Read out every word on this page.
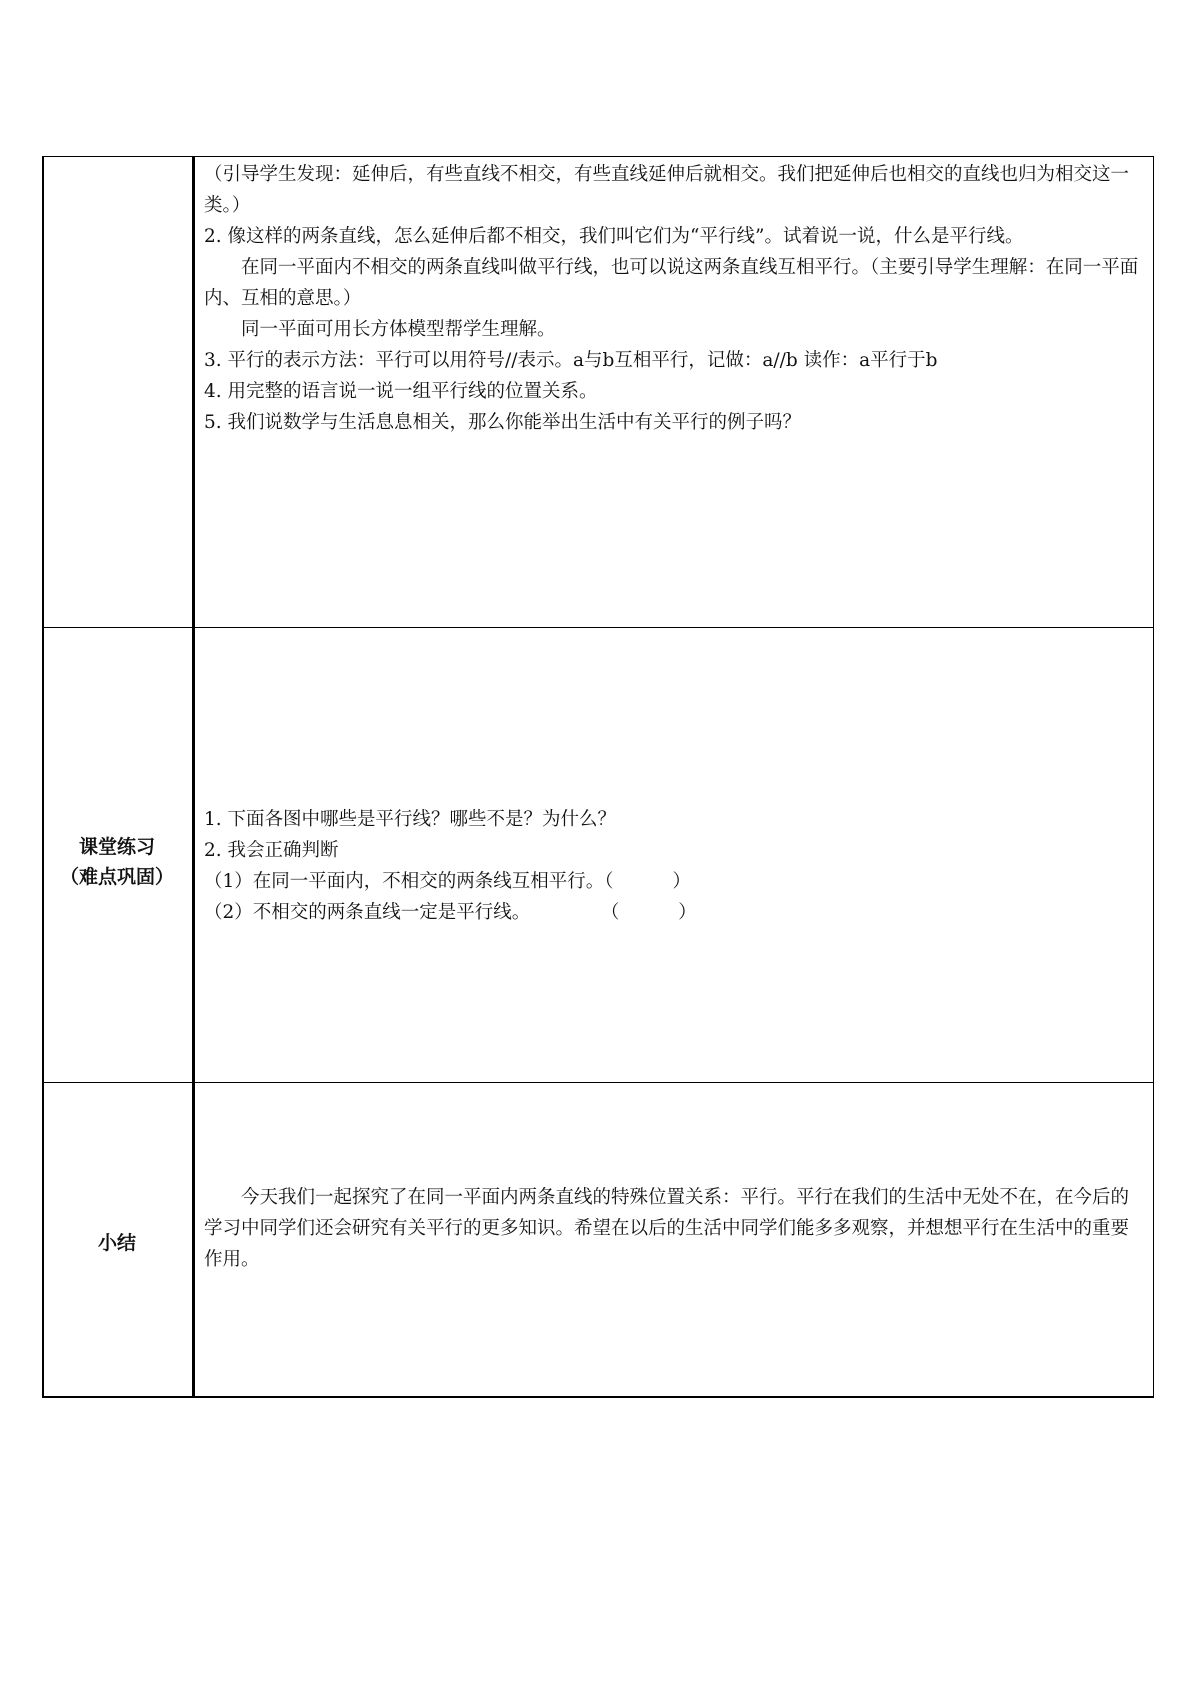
（引导学生发现：延伸后，有些直线不相交，有些直线延伸后就相交。我们把延伸后也相交的直线也归为相交这一类。）

2. 像这样的两条直线，怎么延伸后都不相交，我们叫它们为“平行线”。试着说一说，什么是平行线。

在同一平面内不相交的两条直线叫做平行线，也可以说这两条直线互相平行。（主要引导学生理解：在同一平面内、互相的意思。）

同一平面可用长方体模型帮学生理解。

3. 平行的表示方法：平行可以用符号//表示。a与b互相平行，记做：a//b 读作：a平行于b

4. 用完整的语言说一说一组平行线的位置关系。

5. 我们说数学与生活息息相关，那么你能举出生活中有关平行的例子吗？

课堂练习
（难点巩固）

1. 下面各图中哪些是平行线？哪些不是？为什么？

2. 我会正确判断

（1）在同一平面内，不相交的两条线互相平行。（          ）

（2）不相交的两条直线一定是平行线。            （          ）

小结

今天我们一起探究了在同一平面内两条直线的特殊位置关系：平行。平行在我们的生活中无处不在，在今后的学习中同学们还会研究有关平行的更多知识。希望在以后的生活中同学们能多多观察，并想想平行在生活中的重要作用。
